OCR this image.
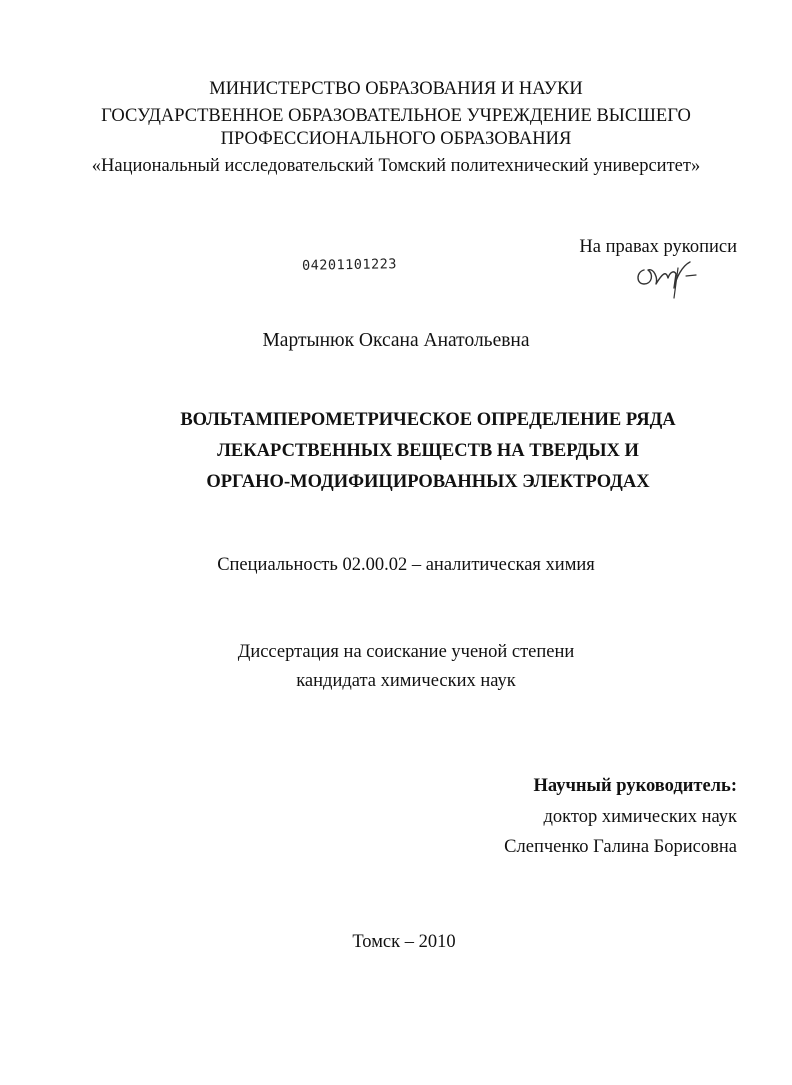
МИНИСТЕРСТВО ОБРАЗОВАНИЯ И НАУКИ
ГОСУДАРСТВЕННОЕ ОБРАЗОВАТЕЛЬНОЕ УЧРЕЖДЕНИЕ ВЫСШЕГО
ПРОФЕССИОНАЛЬНОГО ОБРАЗОВАНИЯ
«Национальный исследовательский Томский политехнический университет»
На правах рукописи
04201101223
Мартынюк Оксана Анатольевна
ВОЛЬТАМПЕРОМЕТРИЧЕСКОЕ ОПРЕДЕЛЕНИЕ РЯДА
ЛЕКАРСТВЕННЫХ ВЕЩЕСТВ НА ТВЕРДЫХ И
ОРГАНО-МОДИФИЦИРОВАННЫХ ЭЛЕКТРОДАХ
Специальность 02.00.02 – аналитическая химия
Диссертация на соискание ученой степени
кандидата химических наук
Научный руководитель:
доктор химических наук
Слепченко Галина Борисовна
Томск – 2010
